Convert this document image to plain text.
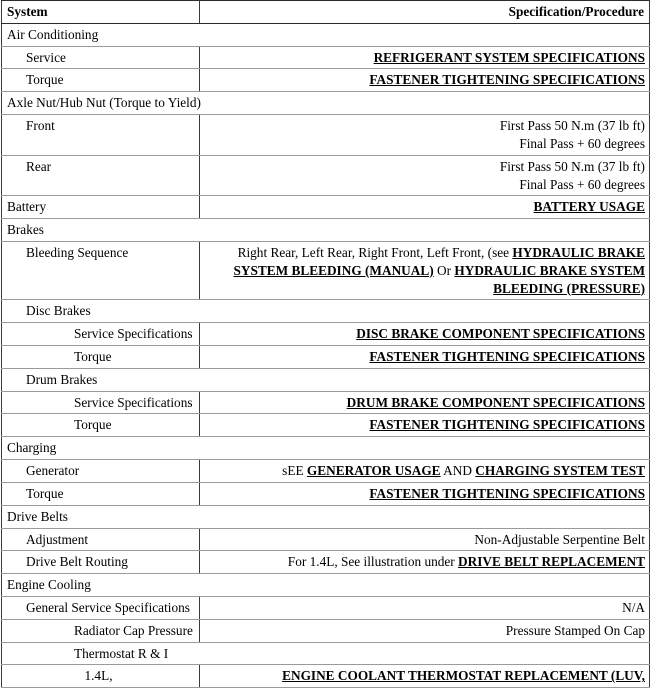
System	Specification/Procedure
Air Conditioning	
Service	REFRIGERANT SYSTEM SPECIFICATIONS
Torque	FASTENER TIGHTENING SPECIFICATIONS
Axle Nut/Hub Nut (Torque to Yield)	
Front	First Pass 50 N.m (37 lb ft)
Final Pass + 60 degrees
Rear	First Pass 50 N.m (37 lb ft)
Final Pass + 60 degrees
Battery	BATTERY USAGE
Brakes	
Bleeding Sequence	Right Rear, Left Rear, Right Front, Left Front, (see HYDRAULIC BRAKE SYSTEM BLEEDING (MANUAL) Or HYDRAULIC BRAKE SYSTEM BLEEDING (PRESSURE)
Disc Brakes	
Service Specifications	DISC BRAKE COMPONENT SPECIFICATIONS
Torque	FASTENER TIGHTENING SPECIFICATIONS
Drum Brakes	
Service Specifications	DRUM BRAKE COMPONENT SPECIFICATIONS
Torque	FASTENER TIGHTENING SPECIFICATIONS
Charging	
Generator	sEE GENERATOR USAGE AND CHARGING SYSTEM TEST
Torque	FASTENER TIGHTENING SPECIFICATIONS
Drive Belts	
Adjustment	Non-Adjustable Serpentine Belt
Drive Belt Routing	For 1.4L, See illustration under DRIVE BELT REPLACEMENT
Engine Cooling	
General Service Specifications	N/A
Radiator Cap Pressure	Pressure Stamped On Cap
Thermostat R & I	
1.4L,	ENGINE COOLANT THERMOSTAT REPLACEMENT (LUV,
